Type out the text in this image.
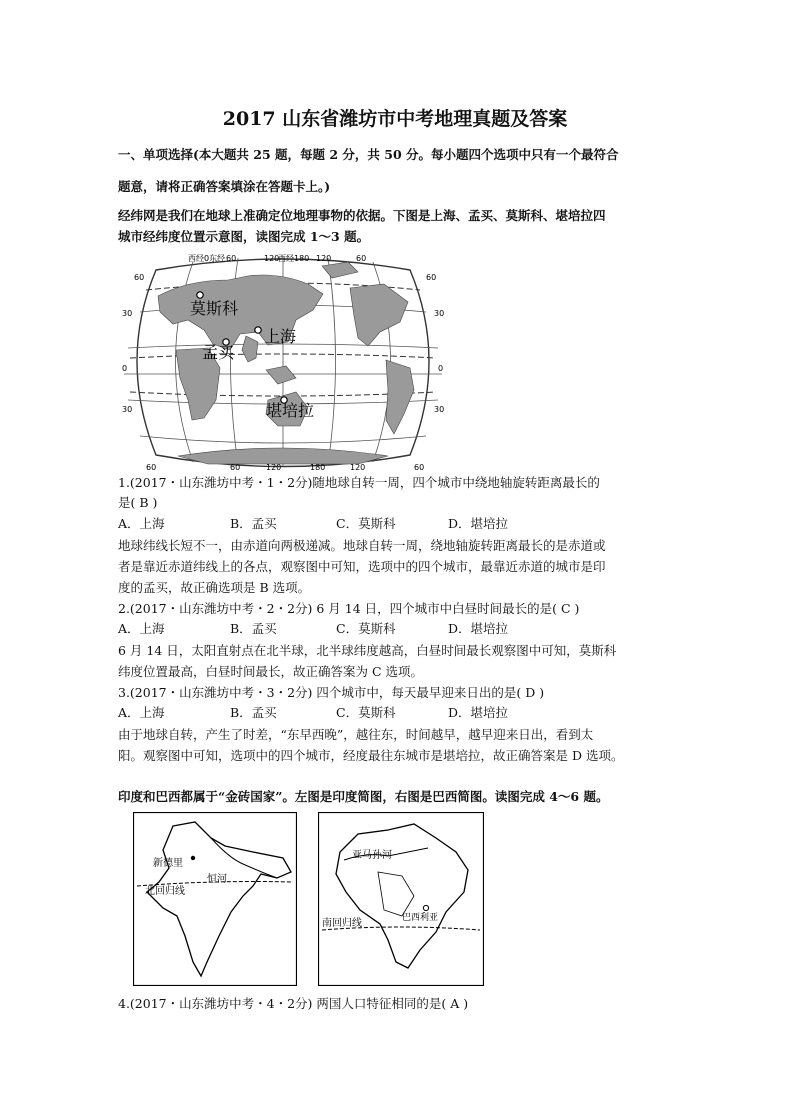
2017 山东省潍坊市中考地理真题及答案
一、单项选择(本大题共 25 题，每题 2 分，共 50 分。每小题四个选项中只有一个最符合
题意，请将正确答案填涂在答题卡上。)
经纬网是我们在地球上准确定位地理事物的依据。下图是上海、孟买、莫斯科、堪培拉四
城市经纬度位置示意图，读图完成 1～3 题。
莫斯科
上海
孟买
堪培拉
西经0东经 60	120
西经180 120	60
60
30
0
30
60
30
0
30
60	60	120	180	120	60
1.(2017・山东潍坊中考・1・2分)随地球自转一周，四个城市中绕地轴旋转距离最长的
是( B )
A．上海	B．孟买	C．莫斯科	D．堪培拉
地球纬线长短不一，由赤道向两极递减。地球自转一周，绕地轴旋转距离最长的是赤道或
者是靠近赤道纬线上的各点，观察图中可知，选项中的四个城市，最靠近赤道的城市是印
度的孟买，故正确选项是 B 选项。
2.(2017・山东潍坊中考・2・2分) 6 月 14 日，四个城市中白昼时间最长的是( C )
A．上海	B．孟买	C．莫斯科	D．堪培拉
6 月 14 日，太阳直射点在北半球，北半球纬度越高，白昼时间最长观察图中可知，莫斯科
纬度位置最高，白昼时间最长，故正确答案为 C 选项。
3.(2017・山东潍坊中考・3・2分) 四个城市中，每天最早迎来日出的是( D )
A．上海	B．孟买	C．莫斯科	D．堪培拉
由于地球自转，产生了时差，“东早西晚”，越往东，时间越早，越早迎来日出，看到太
阳。观察图中可知，选项中的四个城市，经度最往东城市是堪培拉，故正确答案是 D 选项。
印度和巴西都属于“金砖国家”。左图是印度简图，右图是巴西简图。读图完成 4～6 题。
新德里
恒河
北回归线
亚马孙河
巴西利亚
南回归线
4.(2017・山东潍坊中考・4・2分) 两国人口特征相同的是( A )
